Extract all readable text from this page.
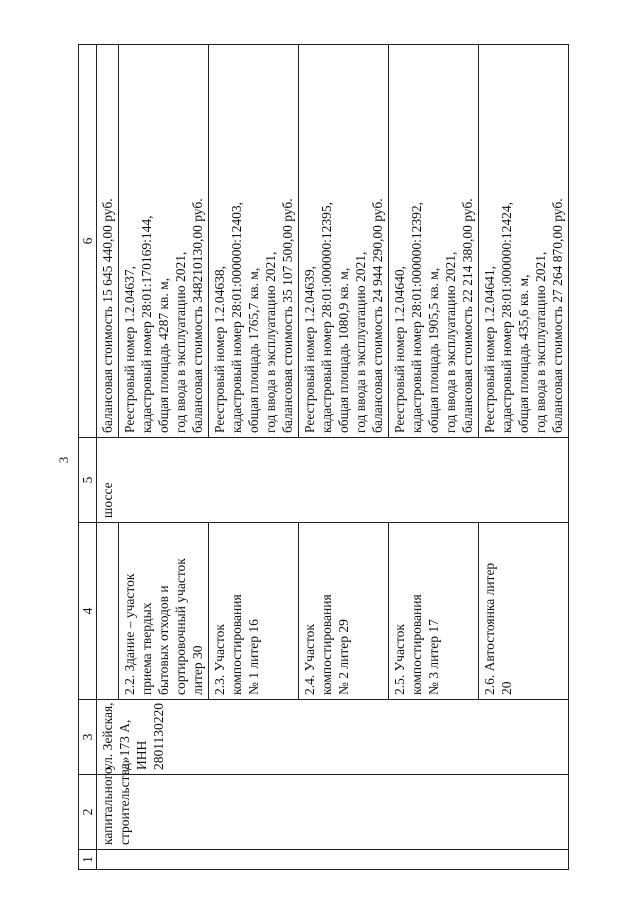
3
1	2	3	4	5	6

	капитального строительства»	ул. Зейская, д. 173 А, ИНН 2801130220		шоссе	балансовая стоимость 15 645 440,00 руб.

			2.2. Здание – участок приема твердых бытовых отходов и сортировочный участок литер 30		Реестровый номер 1.2.04637, кадастровый номер 28:01:170169:144, общая площадь 4287 кв. м, год ввода в эксплуатацию 2021, балансовая стоимость 348210130,00 руб.

			2.3. Участок компостирования № 1 литер 16		Реестровый номер 1.2.04638, кадастровый номер 28:01:000000:12403, общая площадь 1765,7 кв. м, год ввода в эксплуатацию 2021, балансовая стоимость 35 107 500,00 руб.

			2.4. Участок компостирования № 2 литер 29		Реестровый номер 1.2.04639, кадастровый номер 28:01:000000:12395, общая площадь 1080,9 кв. м, год ввода в эксплуатацию 2021, балансовая стоимость 24 944 290,00 руб.

			2.5. Участок компостирования № 3 литер 17		Реестровый номер 1.2.04640, кадастровый номер 28:01:000000:12392, общая площадь 1905,5 кв. м, год ввода в эксплуатацию 2021, балансовая стоимость 22 214 380,00 руб.

			2.6. Автостоянка литер 20		Реестровый номер 1.2.04641, кадастровый номер 28:01:000000:12424, общая площадь 435,6 кв. м, год ввода в эксплуатацию 2021, балансовая стоимость 27 264 870,00 руб.
